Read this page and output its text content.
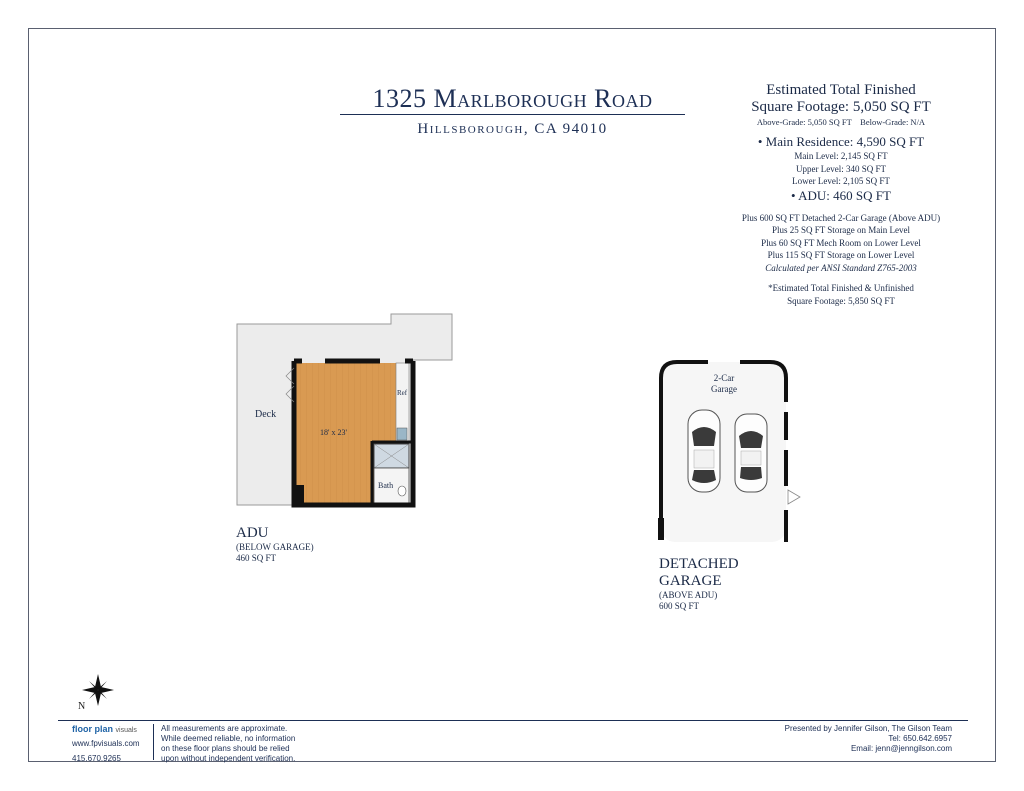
1325 Marlborough Road
Hillsborough, CA 94010
Estimated Total Finished
Square Footage: 5,050 SQ FT
Above-Grade: 5,050 SQ FT    Below-Grade: N/A
• Main Residence: 4,590 SQ FT
Main Level: 2,145 SQ FT
Upper Level: 340 SQ FT
Lower Level: 2,105 SQ FT
• ADU: 460 SQ FT
Plus 600 SQ FT Detached 2-Car Garage (Above ADU)
Plus 25 SQ FT Storage on Main Level
Plus 60 SQ FT Mech Room on Lower Level
Plus 115 SQ FT Storage on Lower Level
Calculated per ANSI Standard Z765-2003
*Estimated Total Finished & Unfinished
Square Footage: 5,850 SQ FT
Deck
18' x 23'
Ref
Bath
2-Car
Garage
ADU
(BELOW GARAGE)
460 SQ FT	DETACHED
GARAGE
(ABOVE ADU)
600 SQ FT
N
floor plan visuals
www.fpvisuals.com
415.670.9265
All measurements are approximate.
While deemed reliable, no information
on these floor plans should be relied
upon without independent verification.
Presented by Jennifer Gilson, The Gilson Team
Tel: 650.642.6957
Email: jenn@jenngilson.com
